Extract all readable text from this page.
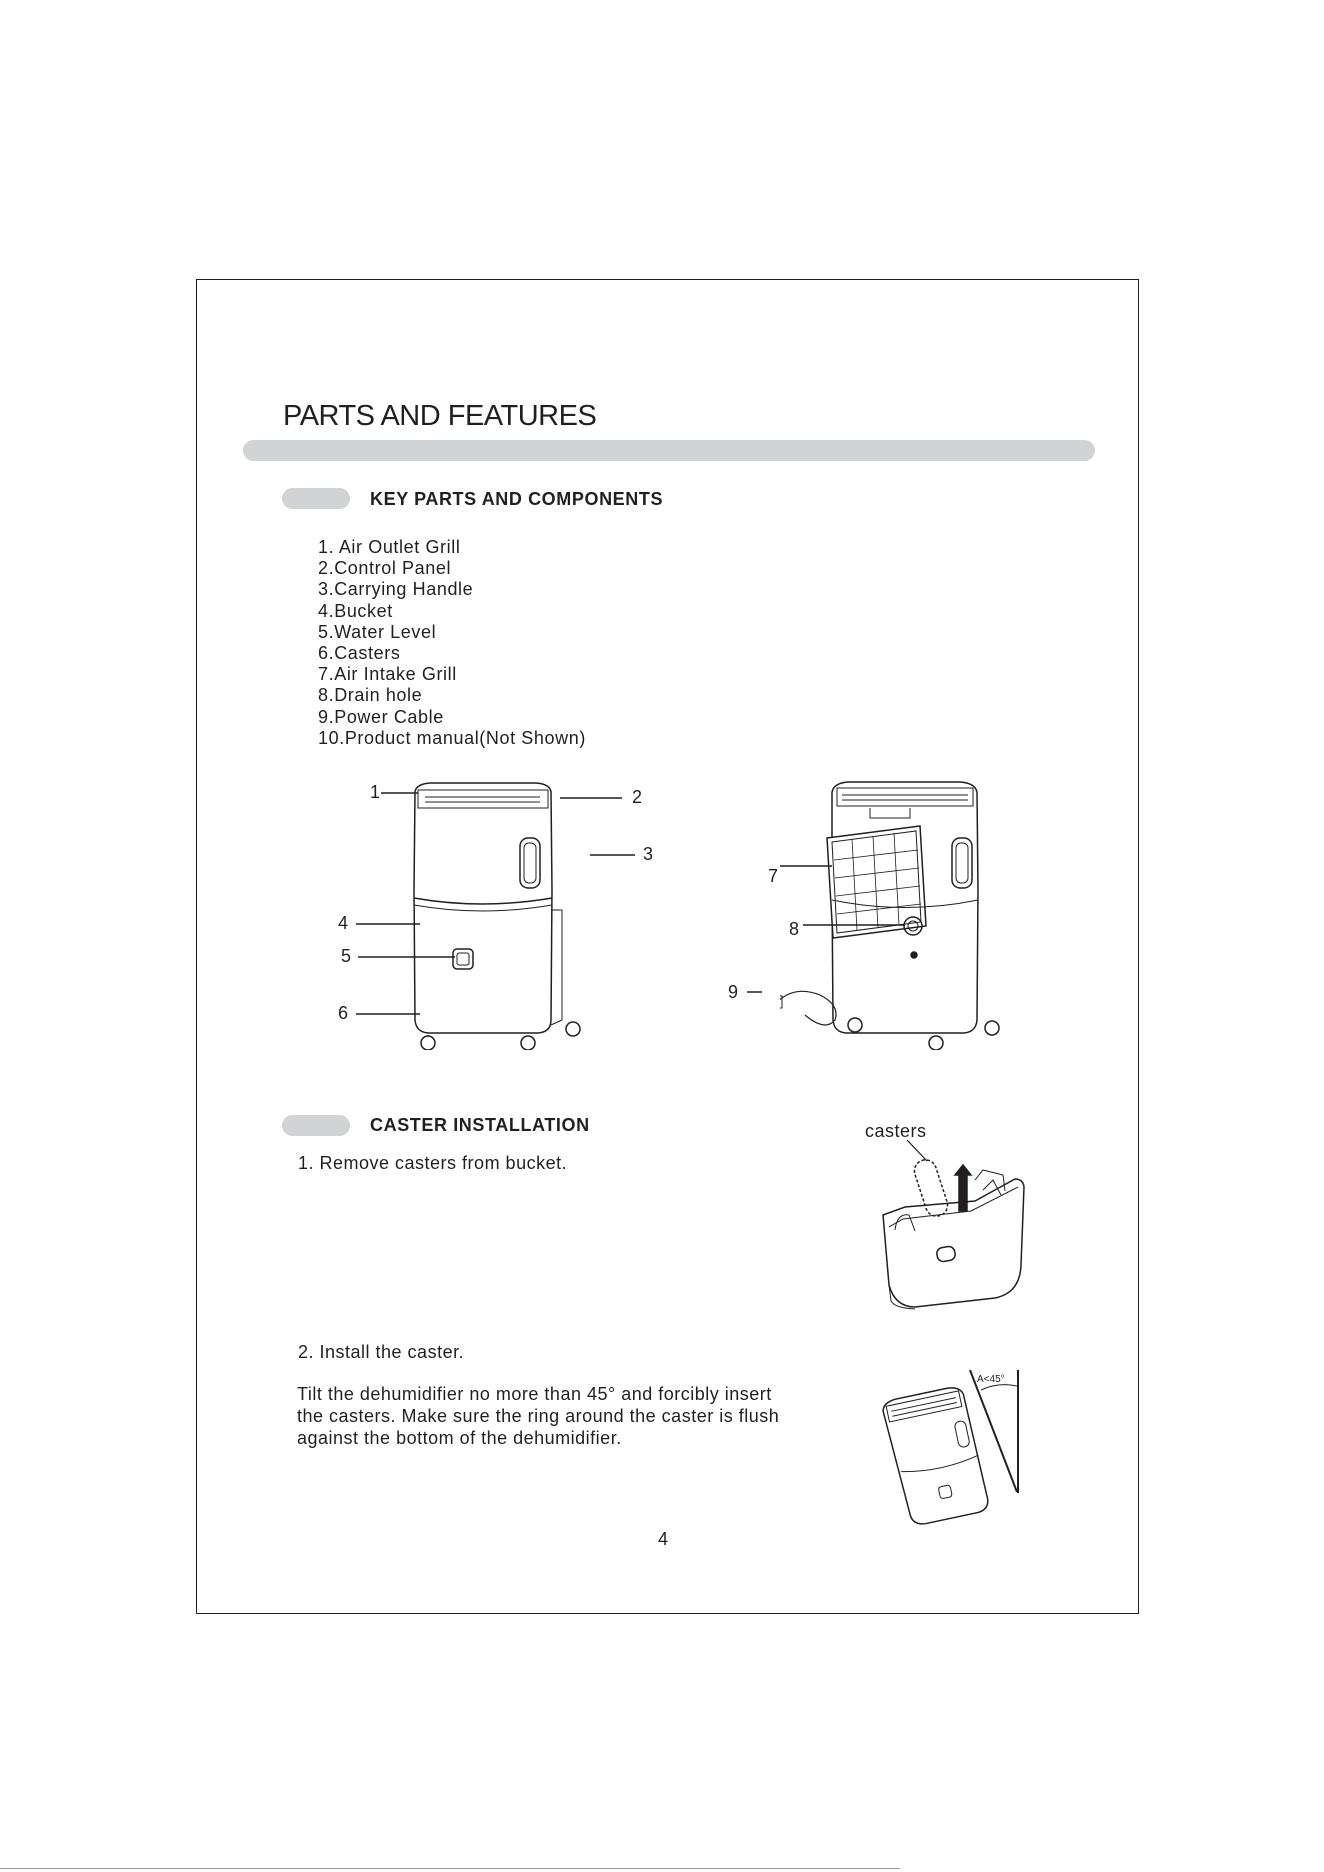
PARTS AND FEATURES
KEY PARTS AND COMPONENTS
1. Air Outlet Grill
2.Control Panel
3.Carrying Handle
4.Bucket
5.Water Level
6.Casters
7.Air Intake Grill
8.Drain hole
9.Power Cable
10.Product manual(Not Shown)
1	2
3
4
5
6
7
8
9
CASTER INSTALLATION
1. Remove casters from bucket.
casters
2. Install the caster.
Tilt the dehumidifier no more than 45° and forcibly insert
the casters. Make sure the ring around the caster is flush
against the bottom of the dehumidifier.
A<45°
4
